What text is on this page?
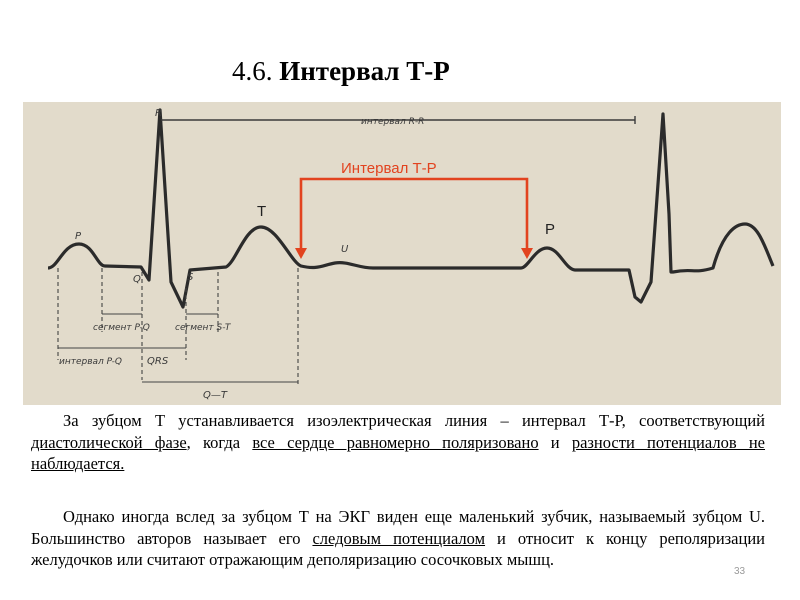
4.6. Интервал Т-Р
интервал R-R
R
P
Q	S
U
сегмент P-Q	сегмент S-T
интервал P-Q	QRS
Q—T
Интервал Т-Р
T
P
За зубцом Т устанавливается изоэлектрическая линия – интервал Т-Р, соответствующий диастолической фазе, когда все сердце равномерно поляризовано и разности потенциалов не наблюдается.
Однако иногда вслед за зубцом Т на ЭКГ виден еще маленький зубчик, называемый зубцом U. Большинство авторов называет его следовым потенциалом и относит к концу реполяризации желудочков или считают отражающим деполяризацию сосочковых мышц.
33
